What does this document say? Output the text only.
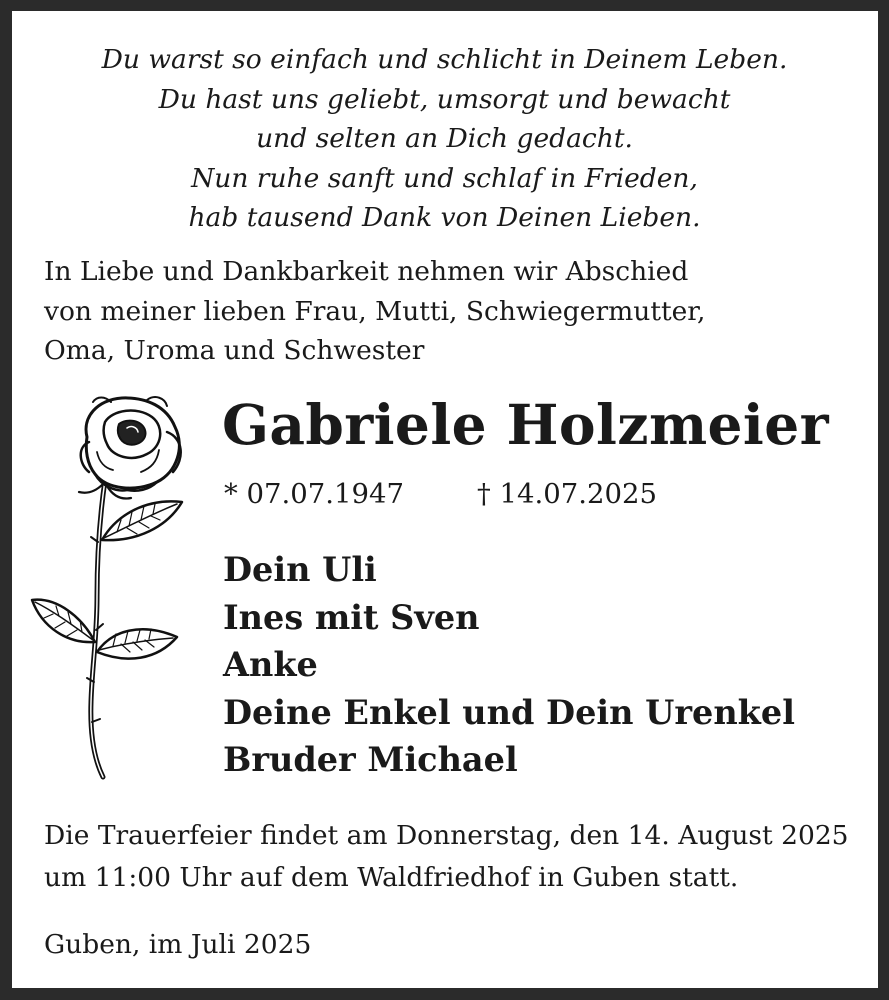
Du warst so einfach und schlicht in Deinem Leben.
Du hast uns geliebt, umsorgt und bewacht
und selten an Dich gedacht.
Nun ruhe sanft und schlaf in Frieden,
hab tausend Dank von Deinen Lieben.

In Liebe und Dankbarkeit nehmen wir Abschied
von meiner lieben Frau, Mutti, Schwiegermutter,
Oma, Uroma und Schwester

Gabriele Holzmeier
* 07.07.1947	† 14.07.2025

Dein Uli
Ines mit Sven
Anke
Deine Enkel und Dein Urenkel
Bruder Michael

Die Trauerfeier findet am Donnerstag, den 14. August 2025
um 11:00 Uhr auf dem Waldfriedhof in Guben statt.

Guben, im Juli 2025
